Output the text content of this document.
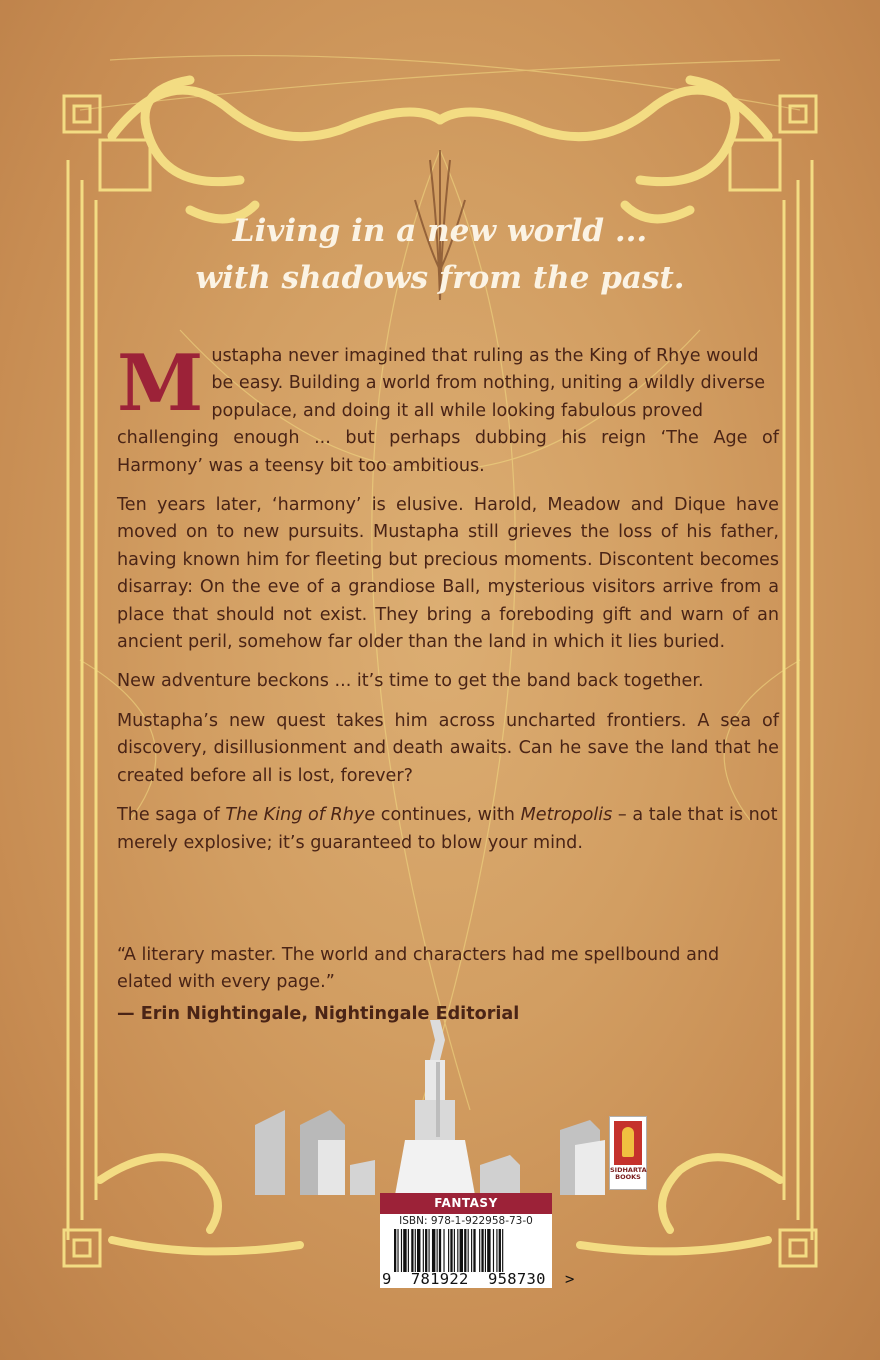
Living in a new world ...
with shadows from the past.

M ustapha never imagined that ruling as the King of Rhye would
be easy. Building a world from nothing, uniting a wildly diverse
populace, and doing it all while looking fabulous proved
challenging enough ... but perhaps dubbing his reign ‘The Age of Harmony’ was a teensy bit too ambitious.

Ten years later, ‘harmony’ is elusive. Harold, Meadow and Dique have moved on to new pursuits. Mustapha still grieves the loss of his father, having known him for fleeting but precious moments. Discontent becomes disarray: On the eve of a grandiose Ball, mysterious visitors arrive from a place that should not exist. They bring a foreboding gift and warn of an ancient peril, somehow far older than the land in which it lies buried.

New adventure beckons ... it’s time to get the band back together.

Mustapha’s new quest takes him across uncharted frontiers. A sea of discovery, disillusionment and death awaits. Can he save the land that he created before all is lost, forever?

The saga of The King of Rhye continues, with Metropolis – a tale that is not merely explosive; it’s guaranteed to blow your mind.

“A literary master. The world and characters had me spellbound and elated with every page.”

— Erin Nightingale, Nightingale Editorial

SIDHARTA
BOOKS
FANTASY
ISBN: 978-1-922958-73-0
9  781922  958730  >
